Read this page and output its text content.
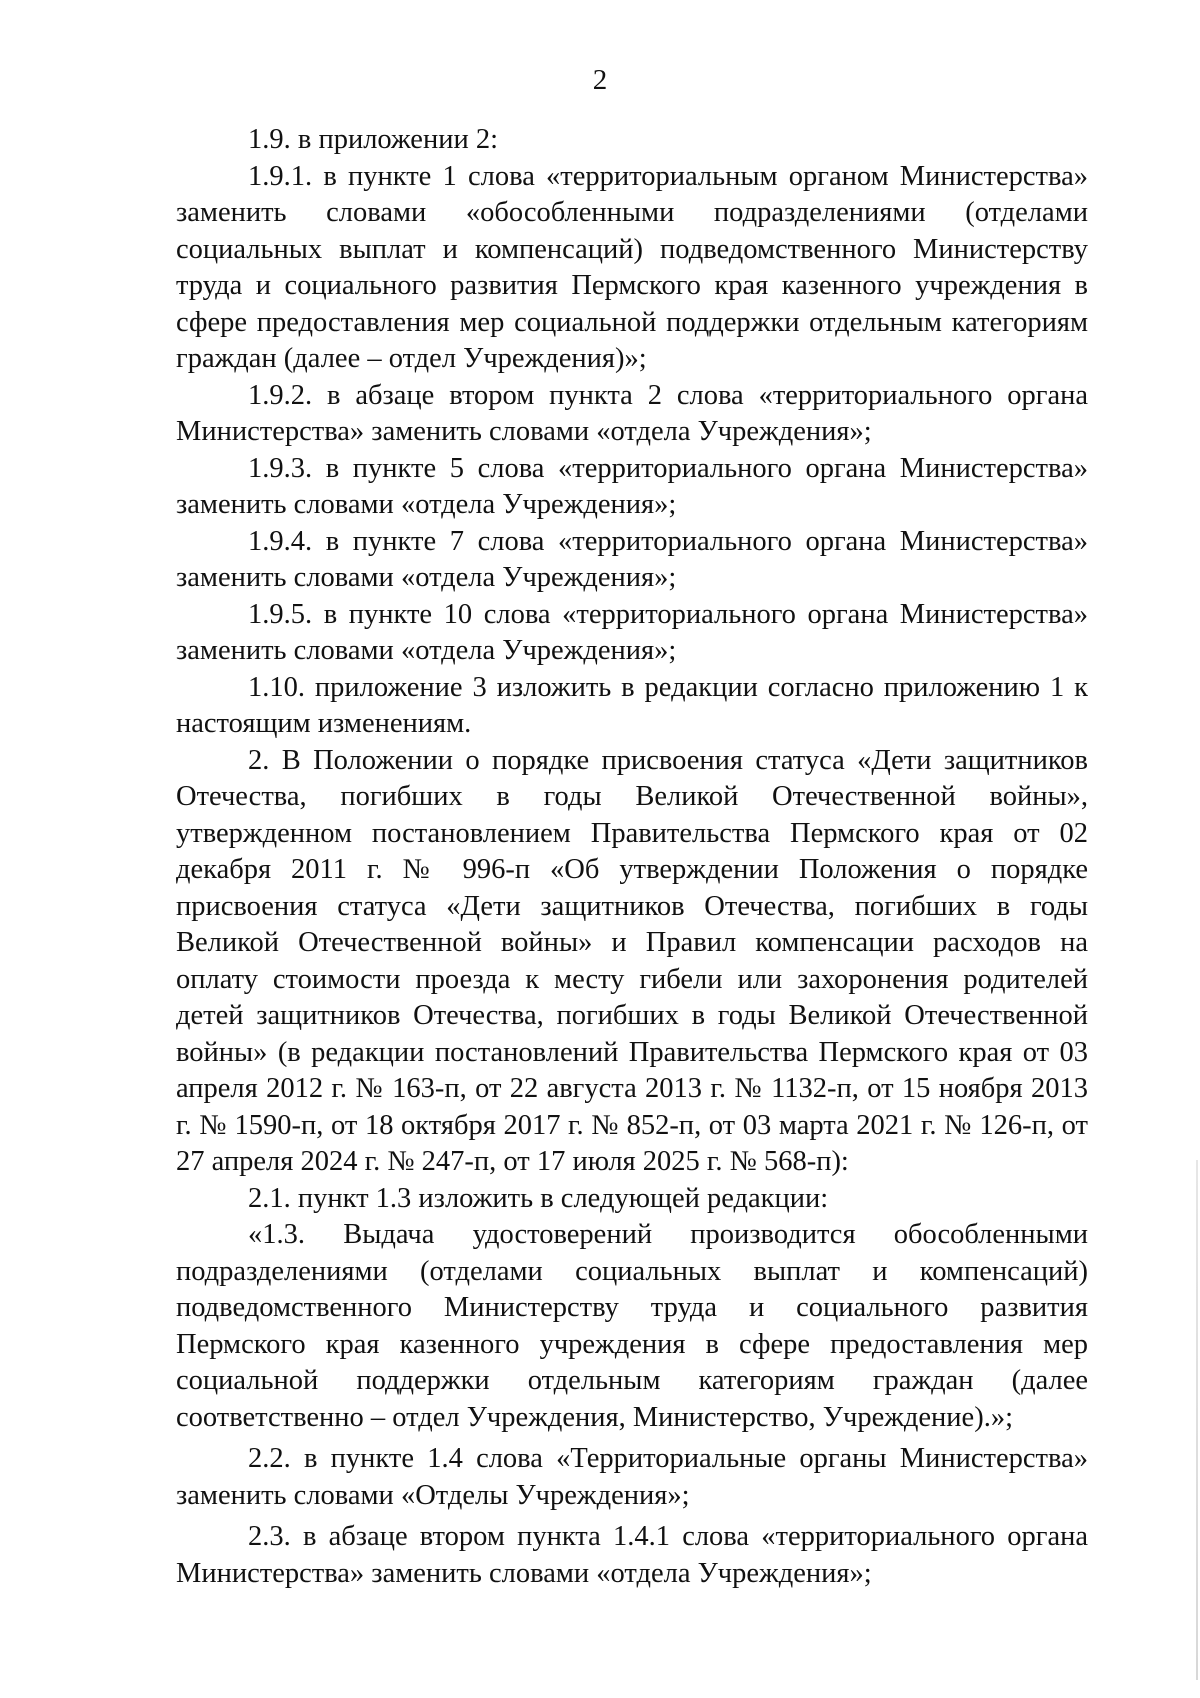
2

1.9. в приложении 2:

1.9.1. в пункте 1 слова «территориальным органом Министерства» заменить словами «обособленными подразделениями (отделами социальных выплат и компенсаций) подведомственного Министерству труда и социального развития Пермского края казенного учреждения в сфере предоставления мер социальной поддержки отдельным категориям граждан (далее – отдел Учреждения)»;

1.9.2. в абзаце втором пункта 2 слова «территориального органа Министерства» заменить словами «отдела Учреждения»;

1.9.3. в пункте 5 слова «территориального органа Министерства» заменить словами «отдела Учреждения»;

1.9.4. в пункте 7 слова «территориального органа Министерства» заменить словами «отдела Учреждения»;

1.9.5. в пункте 10 слова «территориального органа Министерства» заменить словами «отдела Учреждения»;

1.10. приложение 3 изложить в редакции согласно приложению 1 к настоящим изменениям.

2. В Положении о порядке присвоения статуса «Дети защитников Отечества, погибших в годы Великой Отечественной войны», утвержденном постановлением Правительства Пермского края от 02 декабря 2011 г. № 996-п «Об утверждении Положения о порядке присвоения статуса «Дети защитников Отечества, погибших в годы Великой Отечественной войны» и Правил компенсации расходов на оплату стоимости проезда к месту гибели или захоронения родителей детей защитников Отечества, погибших в годы Великой Отечественной войны» (в редакции постановлений Правительства Пермского края от 03 апреля 2012 г. № 163-п, от 22 августа 2013 г. № 1132-п, от 15 ноября 2013 г. № 1590-п, от 18 октября 2017 г. № 852-п, от 03 марта 2021 г. № 126-п, от 27 апреля 2024 г. № 247-п, от 17 июля 2025 г. № 568-п):

2.1. пункт 1.3 изложить в следующей редакции:

«1.3. Выдача удостоверений производится обособленными подразделениями (отделами социальных выплат и компенсаций) подведомственного Министерству труда и социального развития Пермского края казенного учреждения в сфере предоставления мер социальной поддержки отдельным категориям граждан (далее соответственно – отдел Учреждения, Министерство, Учреждение).»;

2.2. в пункте 1.4 слова «Территориальные органы Министерства» заменить словами «Отделы Учреждения»;

2.3. в абзаце втором пункта 1.4.1 слова «территориального органа Министерства» заменить словами «отдела Учреждения»;
